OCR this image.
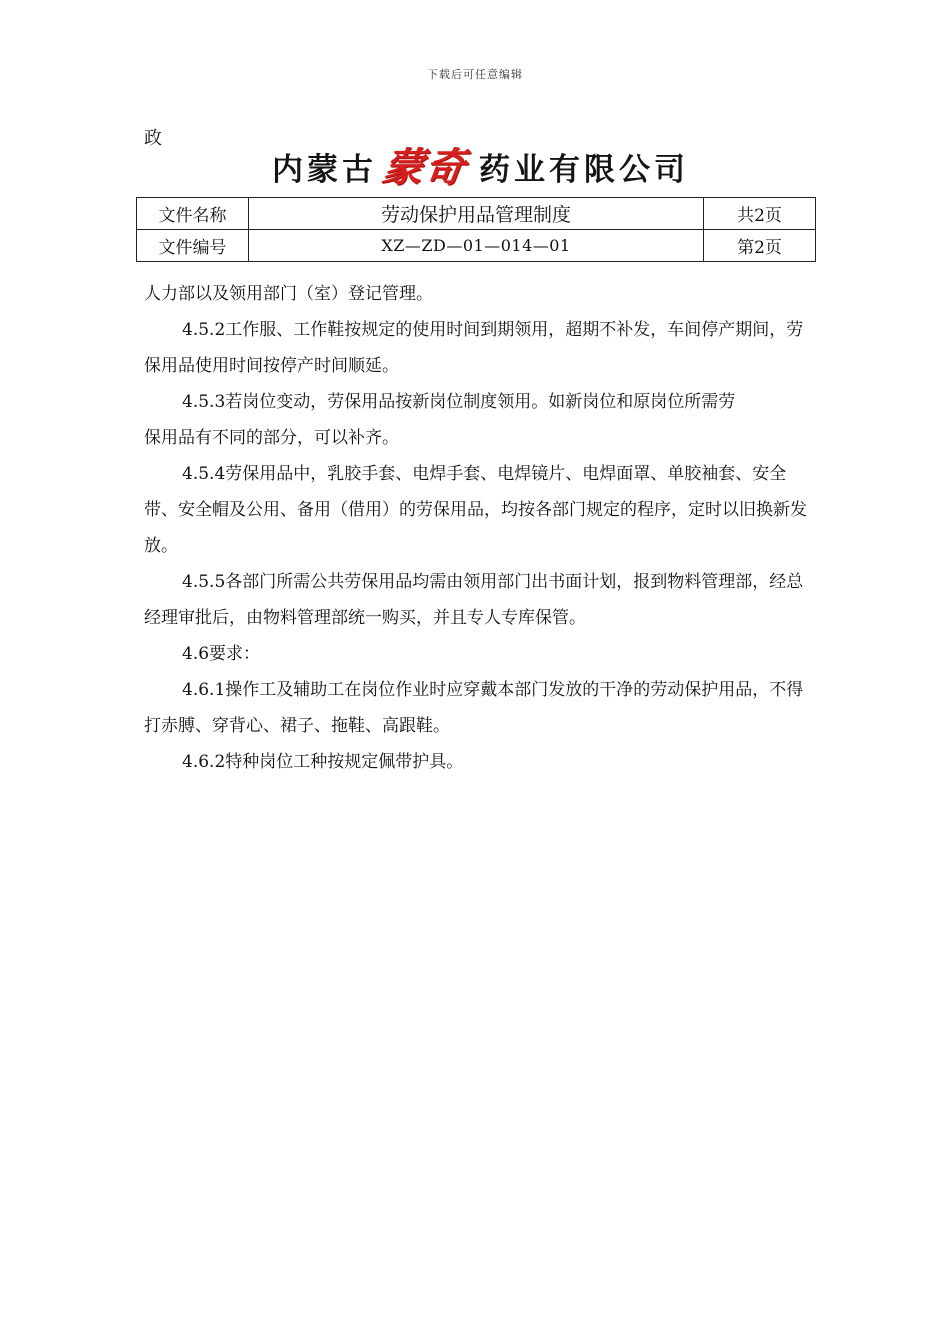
下载后可任意编辑
政
内蒙古 蒙奇 药业有限公司
文件名称	劳动保护用品管理制度	共2页
文件编号	XZ—ZD—01—014—01	第2页

人力部以及领用部门（室）登记管理。

4.5.2工作服、工作鞋按规定的使用时间到期领用，超期不补发，车间停产期间，劳保用品使用时间按停产时间顺延。

4.5.3若岗位变动，劳保用品按新岗位制度领用。如新岗位和原岗位所需劳

保用品有不同的部分，可以补齐。

4.5.4劳保用品中，乳胶手套、电焊手套、电焊镜片、电焊面罩、单胶袖套、安全带、安全帽及公用、备用（借用）的劳保用品，均按各部门规定的程序，定时以旧换新发放。

4.5.5各部门所需公共劳保用品均需由领用部门出书面计划，报到物料管理部，经总经理审批后，由物料管理部统一购买，并且专人专库保管。

4.6要求：

4.6.1操作工及辅助工在岗位作业时应穿戴本部门发放的干净的劳动保护用品，不得打赤膊、穿背心、裙子、拖鞋、高跟鞋。

4.6.2特种岗位工种按规定佩带护具。
